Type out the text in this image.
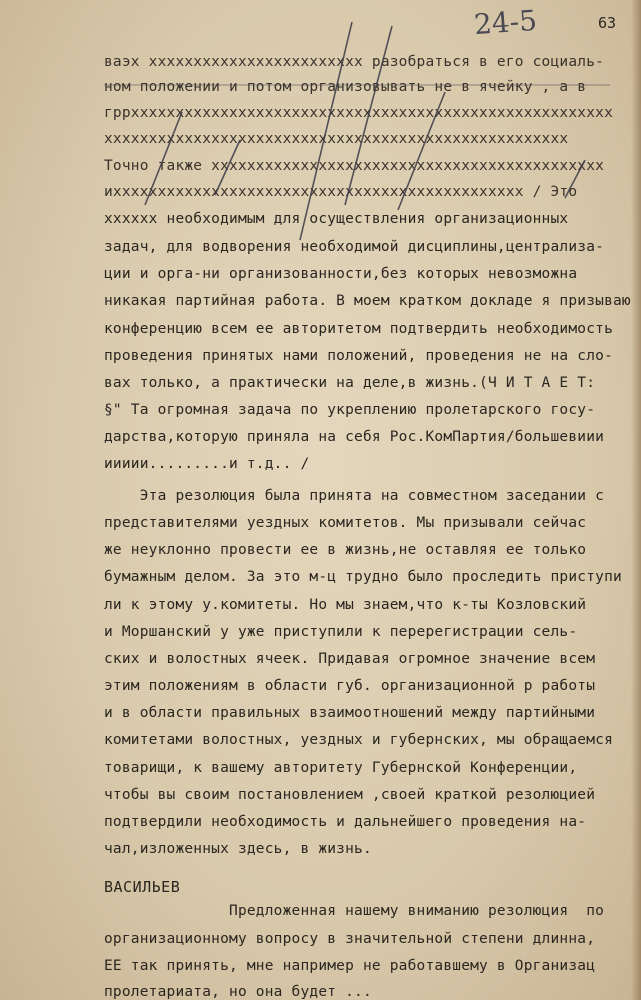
24-5	63
ваэх хххххххххххххххххххххххх разобраться в его социаль-
ном положении и потом организовывать не в ячейку , а в
гррхххххххххххххххххххххххххххххххххххххххххххххххххххххх
хххххххххххххххххххххххххххххххххххххххххххххххххххх
Точно также хххххххххххххххххххххххххххххххххххххххххххх
ихххххххххххххххххххххххххххххххххххххххххххххх / Это
хххххх необходимым для осуществления организационных
задач, для водворения необходимой дисциплины,централиза-
ции и орга-ни организованности,без которых невозможна
никакая партийная работа. В моем кратком докладе я призываю
конференцию всем ее авторитетом подтвердить необходимость
проведения принятых нами положений, проведения не на сло-
вах только, а практически на деле,в жизнь.(Ч И Т А Е Т:
§" Та огромная задача по укреплению пролетарского госу-
дарства,которую приняла на себя Рос.КомПартия/большевиии
иииии.........и т.д.. /
Эта резолюция была принята на совместном заседании с
представителями уездных комитетов. Мы призывали сейчас
же неуклонно провести ее в жизнь,не оставляя ее только
бумажным делом. За это м-ц трудно было проследить приступи
ли к этому у.комитеты. Но мы знаем,что к-ты Козловский
и Моршанский у уже приступили к перерегистрации сель-
ских и волостных ячеек. Придавая огромное значение всем
этим положениям в области губ. организационной р работы
и в области правильных взаимоотношений между партийными
комитетами волостных, уездных и губернских, мы обращаемся
товарищи, к вашему авторитету Губернской Конференции,
чтобы вы своим постановлением ,своей краткой резолюцией
подтвердили необходимость и дальнейшего проведения на-
чал,изложенных здесь, в жизнь.
ВАСИЛЬЕВ
Предложенная нашему вниманию резолюция  по
организационному вопросу в значительной степени длинна,
ЕЕ так принять, мне например не работавшему в Организац
пролетариата, но она будет ...
